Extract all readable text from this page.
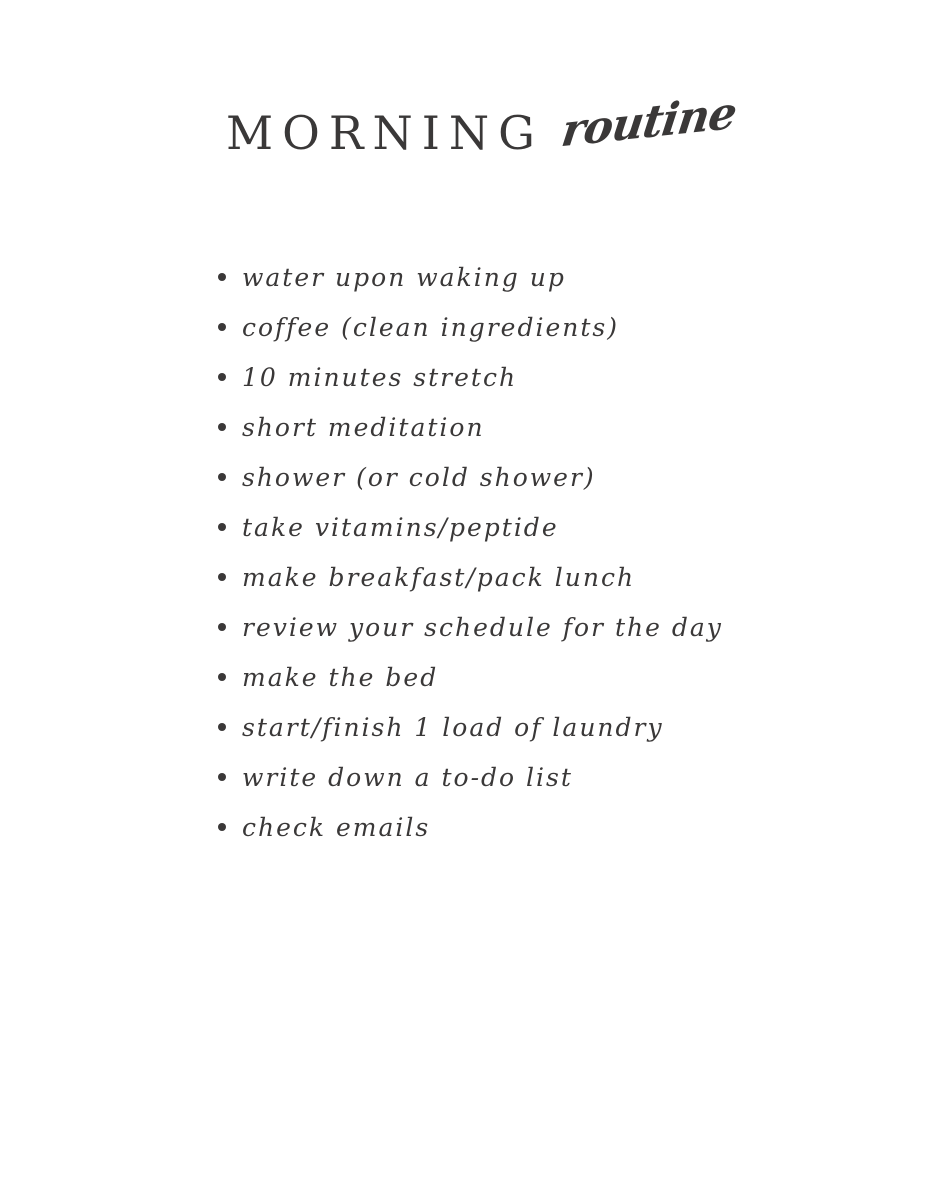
MORNING routine
water upon waking up
coffee (clean ingredients)
10 minutes stretch
short meditation
shower (or cold shower)
take vitamins/peptide
make breakfast/pack lunch
review your schedule for the day
make the bed
start/finish 1 load of laundry
write down a to-do list
check emails
